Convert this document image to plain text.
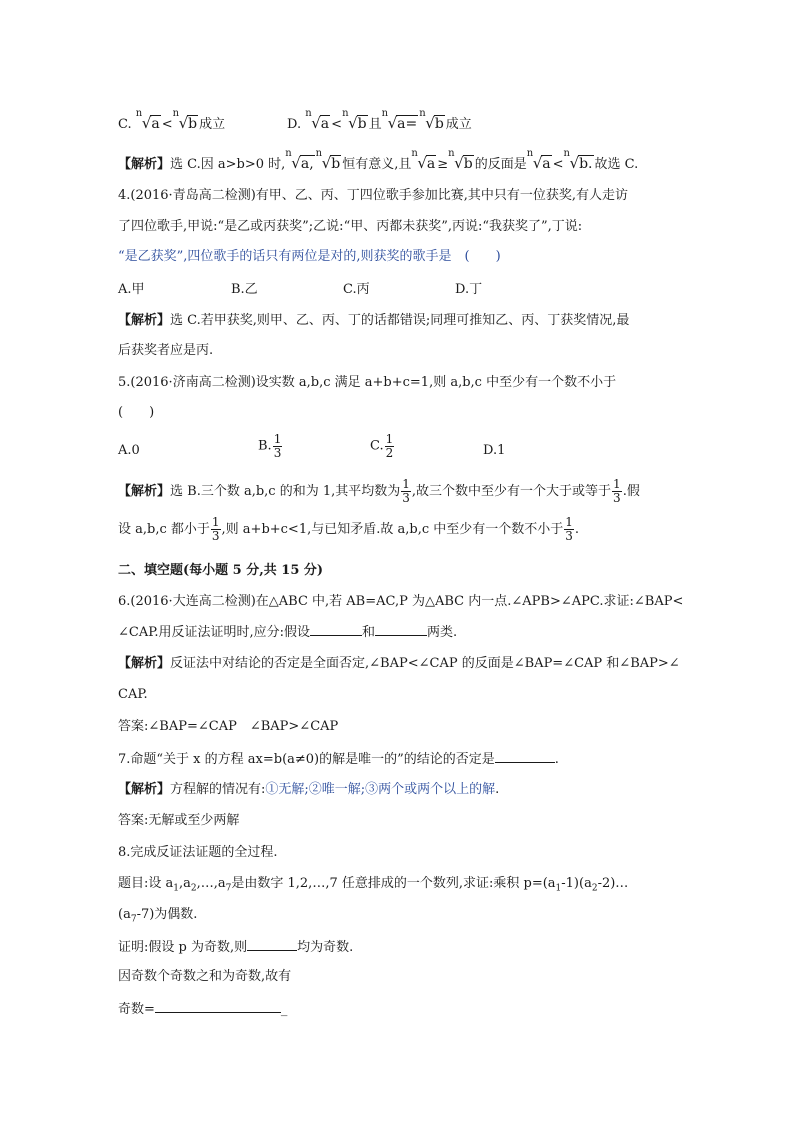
C.
n
√a <
n
√b 成立	D.
n
√a <
n
√b 且
n
√a=
n
√b 成立
【解析】选 C.因 a>b>0 时,
n
√a,
n
√b 恒有意义,且
n
√a ≥
n
√b 的反面是
n
√a <
n
√b. 故选 C.
4.(2016·青岛高二检测)有甲、乙、丙、丁四位歌手参加比赛,其中只有一位获奖,有人走访
了四位歌手,甲说:“是乙或丙获奖”;乙说:“甲、丙都未获奖”,丙说:“我获奖了”,丁说:
“是乙获奖”,四位歌手的话只有两位是对的,则获奖的歌手是　(　　)
A.甲	B.乙	C.丙	D.丁
【解析】选 C.若甲获奖,则甲、乙、丙、丁的话都错误;同理可推知乙、丙、丁获奖情况,最
后获奖者应是丙.
5.(2016·济南高二检测)设实数 a,b,c 满足 a+b+c=1,则 a,b,c 中至少有一个数不小于
(　　)
A.0	B. $\frac{1}{3}$	C. $\frac{1}{2}$	D.1
【解析】选 B.三个数 a,b,c 的和为 1,其平均数为 $\frac{1}{3}$ ,故三个数中至少有一个大于或等于 $\frac{1}{3}$ .假
设 a,b,c 都小于 $\frac{1}{3}$ ,则 a+b+c<1,与已知矛盾.故 a,b,c 中至少有一个数不小于 $\frac{1}{3}$ .
二、填空题(每小题 5 分,共 15 分)
6.(2016·大连高二检测)在△ABC 中,若 AB=AC,P 为△ABC 内一点.∠APB>∠APC.求证:∠BAP<
∠CAP.用反证法证明时,应分:假设	和	两类.
【解析】反证法中对结论的否定是全面否定,∠BAP<∠CAP 的反面是∠BAP=∠CAP 和∠BAP>∠
CAP.
答案:∠BAP=∠CAP　∠BAP>∠CAP
7.命题“关于 x 的方程 ax=b(a≠0)的解是唯一的”的结论的否定是	.
【解析】方程解的情况有:①无解;②唯一解;③两个或两个以上的解.
答案:无解或至少两解
8.完成反证法证题的全过程.
题目:设 $a_1,a_2,\dots,a_7$是由数字 1,2,…,7 任意排成的一个数列,求证:乘积 $p=(a_1-1)(a_2-2)\dots$
$(a_7-7)$为偶数.
证明:假设 p 为奇数,则	均为奇数.
因奇数个奇数之和为奇数,故有
奇数=	_
